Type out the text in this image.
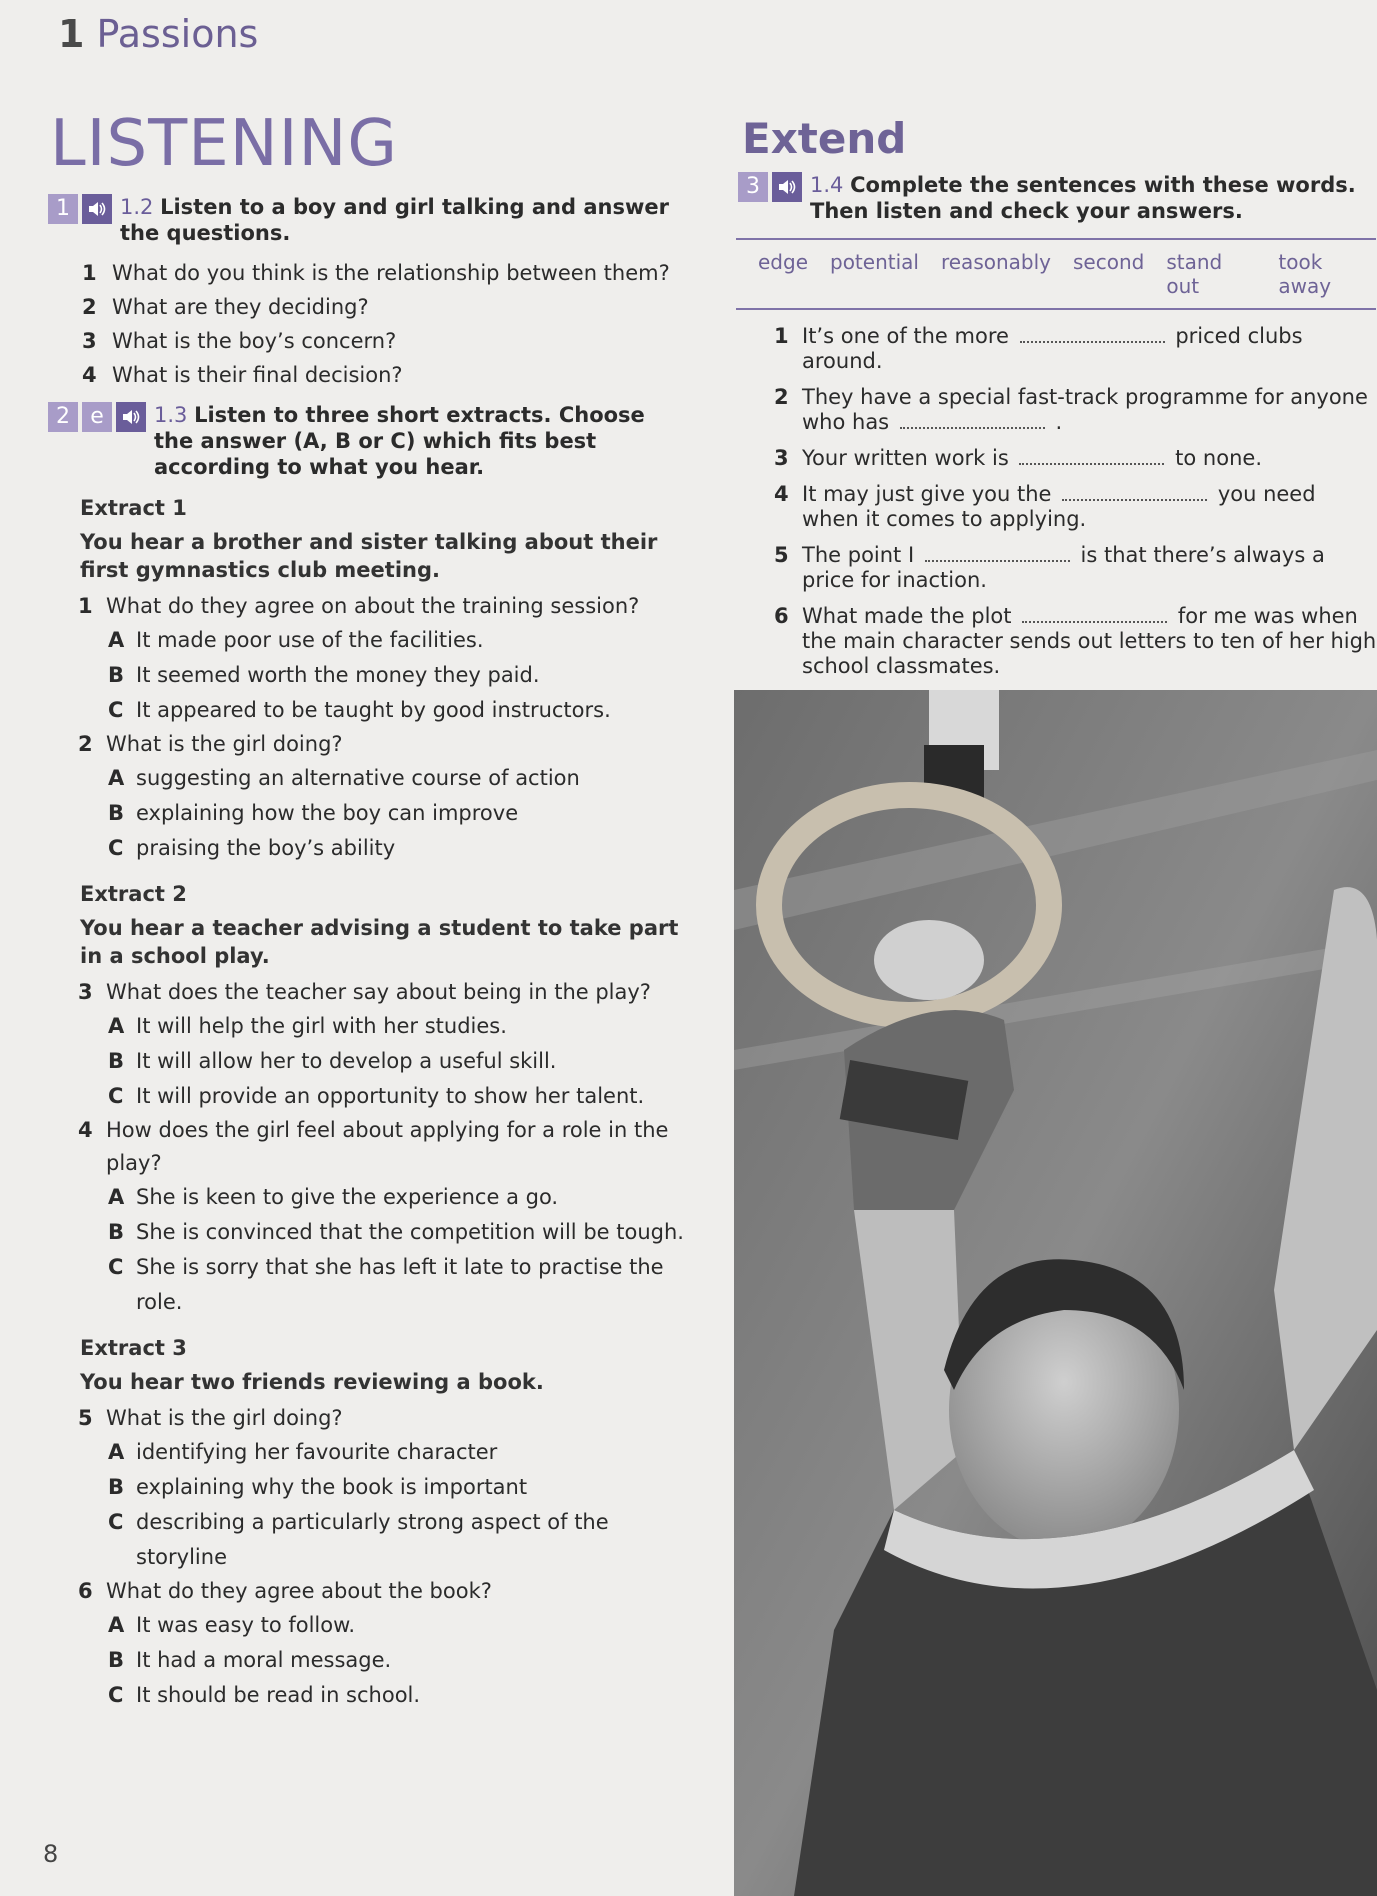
1 Passions
LISTENING
1	1.2 Listen to a boy and girl talking and answer the questions.
1 What do you think is the relationship between them?
2 What are they deciding?
3 What is the boy’s concern?
4 What is their final decision?
2 e	1.3 Listen to three short extracts. Choose the answer (A, B or C) which fits best according to what you hear.
Extract 1
You hear a brother and sister talking about their first gymnastics club meeting.
1 What do they agree on about the training session?
A It made poor use of the facilities.
B It seemed worth the money they paid.
C It appeared to be taught by good instructors.
2 What is the girl doing?
A suggesting an alternative course of action
B explaining how the boy can improve
C praising the boy’s ability
Extract 2
You hear a teacher advising a student to take part in a school play.
3 What does the teacher say about being in the play?
A It will help the girl with her studies.
B It will allow her to develop a useful skill.
C It will provide an opportunity to show her talent.
4 How does the girl feel about applying for a role in the play?
A She is keen to give the experience a go.
B She is convinced that the competition will be tough.
C She is sorry that she has left it late to practise the role.
Extract 3
You hear two friends reviewing a book.
5 What is the girl doing?
A identifying her favourite character
B explaining why the book is important
C describing a particularly strong aspect of the storyline
6 What do they agree about the book?
A It was easy to follow.
B It had a moral message.
C It should be read in school.
Extend
3	1.4 Complete the sentences with these words. Then listen and check your answers.
edge potential reasonably second stand out
took away
1 It’s one of the more	priced clubs around.
2 They have a special fast-track programme for anyone who has	.
3 Your written work is	to none.
4 It may just give you the	you need when it comes to applying.
5 The point I	is that there’s always a price for inaction.
6 What made the plot	for me was when the main character sends out letters to ten of her high school classmates.
8
